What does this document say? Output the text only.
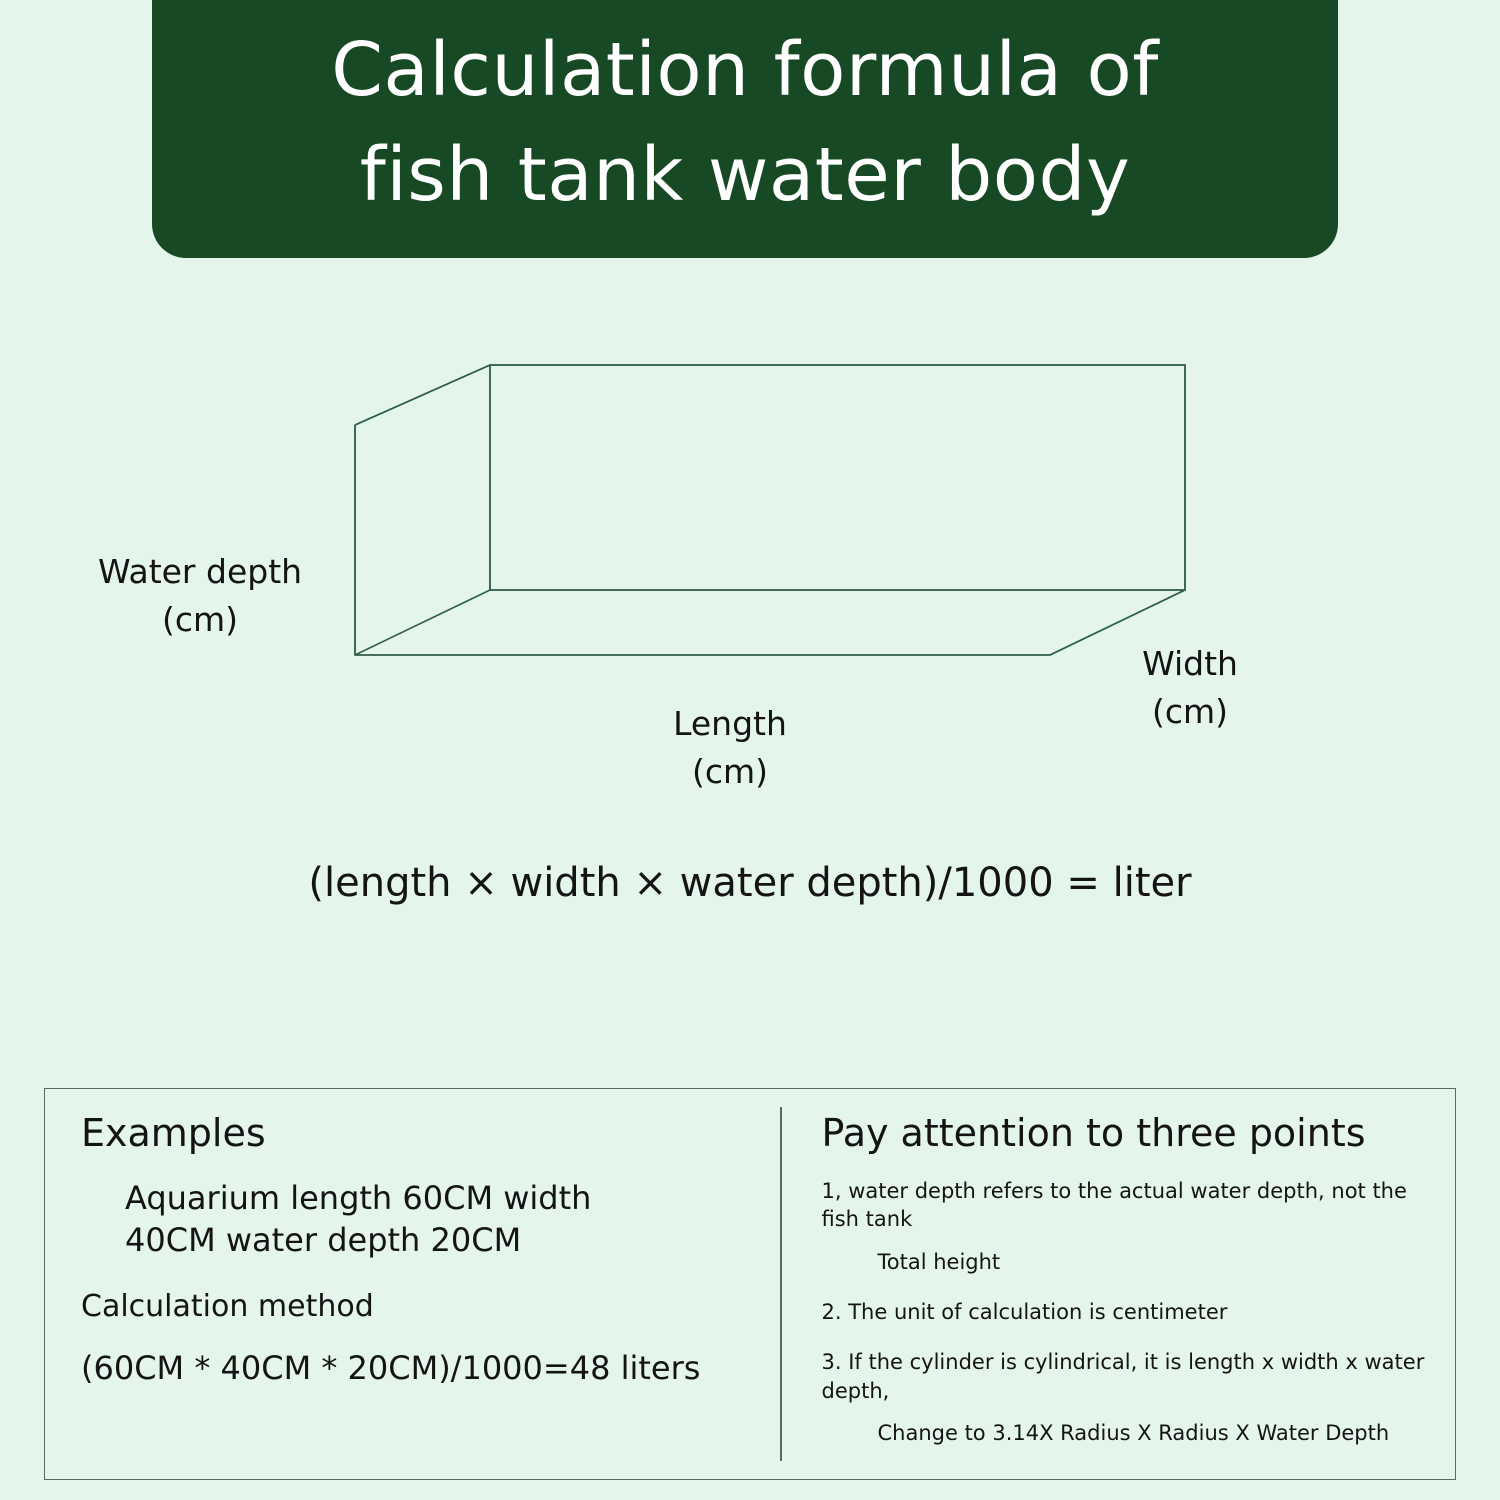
Calculation formula of
fish tank water body
Water depth
(cm)
Length
(cm)
Width
(cm)
(length × width × water depth)/1000 = liter
Examples
Aquarium length 60CM width
40CM water depth 20CM
Calculation method
(60CM * 40CM * 20CM)/1000=48 liters
Pay attention to three points
1, water depth refers to the actual water depth, not the fish tank
Total height
2. The unit of calculation is centimeter
3. If the cylinder is cylindrical, it is length x width x water depth,
Change to 3.14X Radius X Radius X Water Depth
